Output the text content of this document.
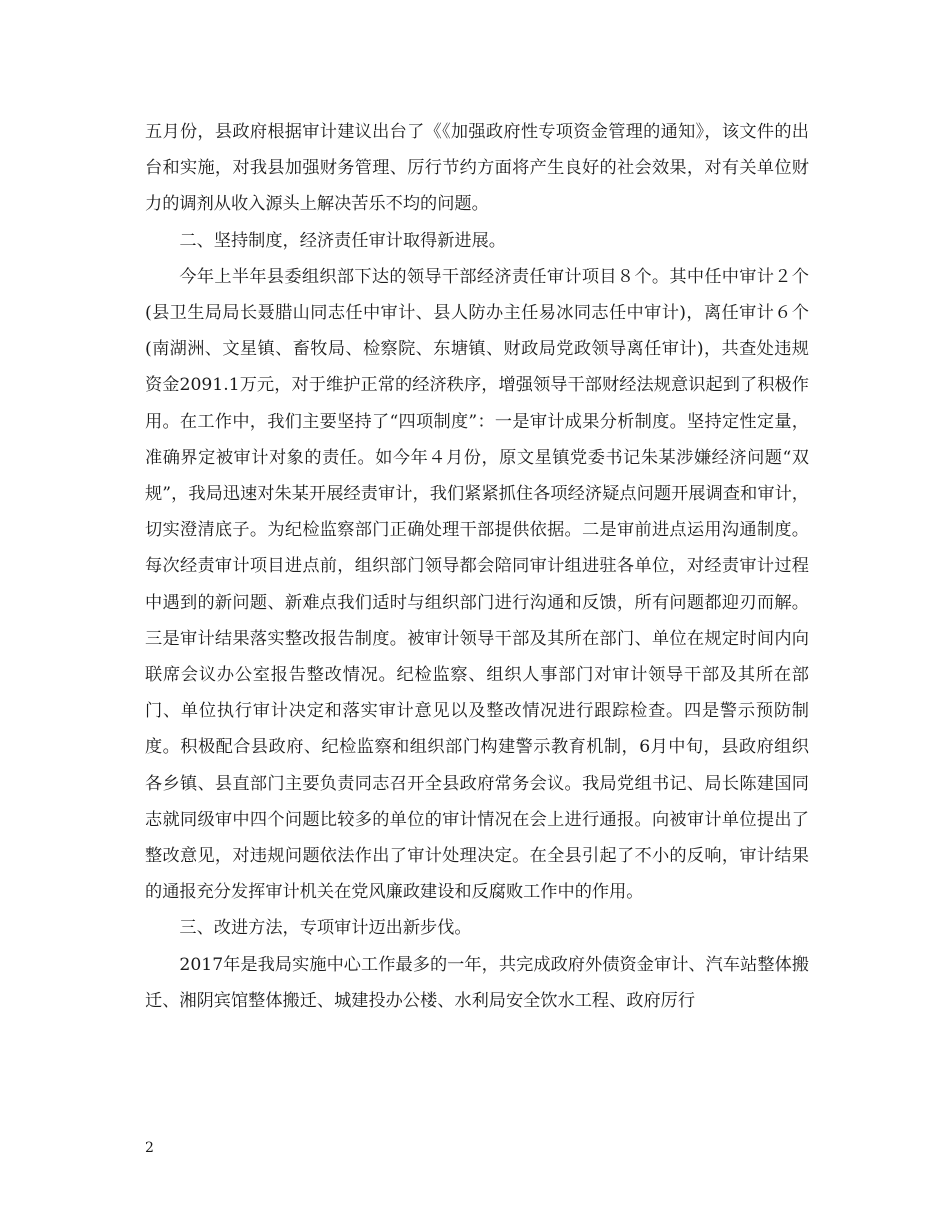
五月份，县政府根据审计建议出台了《《加强政府性专项资金管理的通知》，该文件的出台和实施，对我县加强财务管理、厉行节约方面将产生良好的社会效果，对有关单位财力的调剂从收入源头上解决苦乐不均的问题。

二、坚持制度，经济责任审计取得新进展。

今年上半年县委组织部下达的领导干部经济责任审计项目８个。其中任中审计２个(县卫生局局长聂腊山同志任中审计、县人防办主任易冰同志任中审计)，离任审计６个(南湖洲、文星镇、畜牧局、检察院、东塘镇、财政局党政领导离任审计)，共查处违规资金2091.1万元，对于维护正常的经济秩序，增强领导干部财经法规意识起到了积极作用。在工作中，我们主要坚持了“四项制度”：一是审计成果分析制度。坚持定性定量，准确界定被审计对象的责任。如今年４月份，原文星镇党委书记朱某涉嫌经济问题“双规”，我局迅速对朱某开展经责审计，我们紧紧抓住各项经济疑点问题开展调查和审计，切实澄清底子。为纪检监察部门正确处理干部提供依据。二是审前进点运用沟通制度。每次经责审计项目进点前，组织部门领导都会陪同审计组进驻各单位，对经责审计过程中遇到的新问题、新难点我们适时与组织部门进行沟通和反馈，所有问题都迎刃而解。三是审计结果落实整改报告制度。被审计领导干部及其所在部门、单位在规定时间内向联席会议办公室报告整改情况。纪检监察、组织人事部门对审计领导干部及其所在部门、单位执行审计决定和落实审计意见以及整改情况进行跟踪检查。四是警示预防制度。积极配合县政府、纪检监察和组织部门构建警示教育机制，6月中旬，县政府组织各乡镇、县直部门主要负责同志召开全县政府常务会议。我局党组书记、局长陈建国同志就同级审中四个问题比较多的单位的审计情况在会上进行通报。向被审计单位提出了整改意见，对违规问题依法作出了审计处理决定。在全县引起了不小的反响，审计结果的通报充分发挥审计机关在党风廉政建设和反腐败工作中的作用。

三、改进方法，专项审计迈出新步伐。

2017年是我局实施中心工作最多的一年，共完成政府外债资金审计、汽车站整体搬迁、湘阴宾馆整体搬迁、城建投办公楼、水利局安全饮水工程、政府厉行

2
